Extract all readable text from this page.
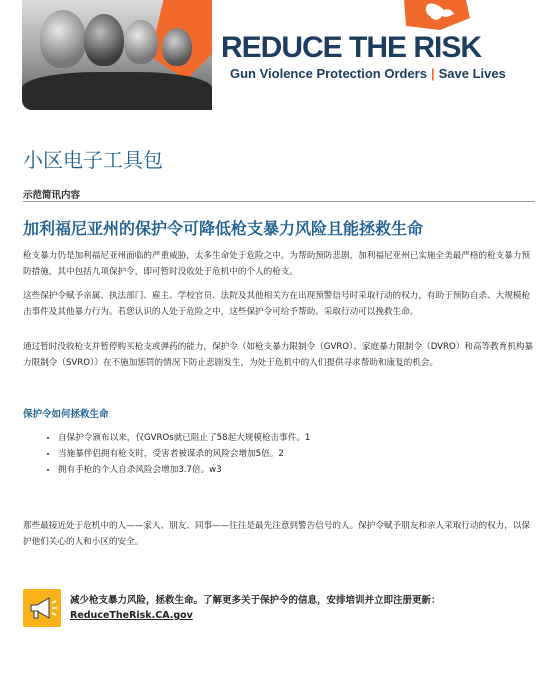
REDUCE THE RISK
Gun Violence Protection Orders | Save Lives
小区电子工具包
示范简讯内容
加利福尼亚州的保护令可降低枪支暴力风险且能拯救生命
枪支暴力仍是加利福尼亚州面临的严重威胁，太多生命处于危险之中。为帮助预防悲剧，加利福尼亚州已实施全美最严格的枪支暴力预防措施，其中包括九项保护令，即可暂时没收处于危机中的个人的枪支。
这些保护令赋予亲属、执法部门、雇主、学校官员、法院及其他相关方在出现预警信号时采取行动的权力，有助于预防自杀、大规模枪击事件及其他暴力行为。若您认识的人处于危险之中，这些保护令可给予帮助。采取行动可以挽救生命。
通过暂时没收枪支并暂停购买枪支或弹药的能力，保护令（如枪支暴力限制令（GVRO）、家庭暴力限制令（DVRO）和高等教育机构暴力限制令（SVRO））在不施加惩罚的情况下防止悲剧发生，为处于危机中的人们提供寻求帮助和康复的机会。
保护令如何拯救生命
• 自保护令颁布以来，仅GVROs就已阻止了58起大规模枪击事件。1
• 当施暴伴侣拥有枪支时，受害者被谋杀的风险会增加5倍。2
• 拥有手枪的个人自杀风险会增加3.7倍。w3
那些最接近处于危机中的人——家人、朋友、同事——往往是最先注意到警告信号的人。保护令赋予朋友和亲人采取行动的权力，以保护他们关心的人和小区的安全。
减少枪支暴力风险，拯救生命。了解更多关于保护令的信息，安排培训并立即注册更新：
ReduceTheRisk.CA.gov
